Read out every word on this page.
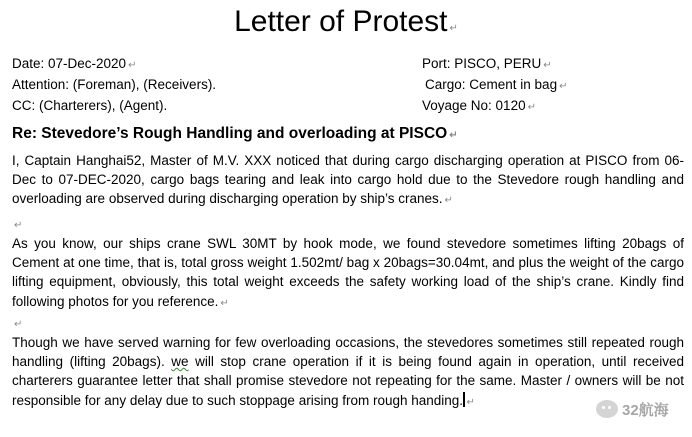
Letter of Protest ↵
Date: 07-Dec-2020 ↵
Attention: (Foreman), (Receivers).
CC: (Charterers), (Agent).
Port: PISCO, PERU ↵
Cargo: Cement in bag ↵
Voyage No: 0120 ↵
Re: Stevedore’s Rough Handling and overloading at PISCO ↵
I, Captain Hanghai52, Master of M.V. XXX noticed that during cargo discharging operation at PISCO from 06-Dec to 07-DEC-2020, cargo bags tearing and leak into cargo hold due to the Stevedore rough handling and overloading are observed during discharging operation by ship’s cranes. ↵
↵
As you know, our ships crane SWL 30MT by hook mode, we found stevedore sometimes lifting 20bags of Cement at one time, that is, total gross weight 1.502mt/ bag x 20bags=30.04mt, and plus the weight of the cargo lifting equipment, obviously, this total weight exceeds the safety working load of the ship’s crane. Kindly find following photos for you reference. ↵
↵
Though we have served warning for few overloading occasions, the stevedores sometimes still repeated rough handling (lifting 20bags). we will stop crane operation if it is being found again in operation, until received charterers guarantee letter that shall promise stevedore not repeating for the same. Master / owners will be not responsible for any delay due to such stoppage arising from rough handing. ↵	32航海
